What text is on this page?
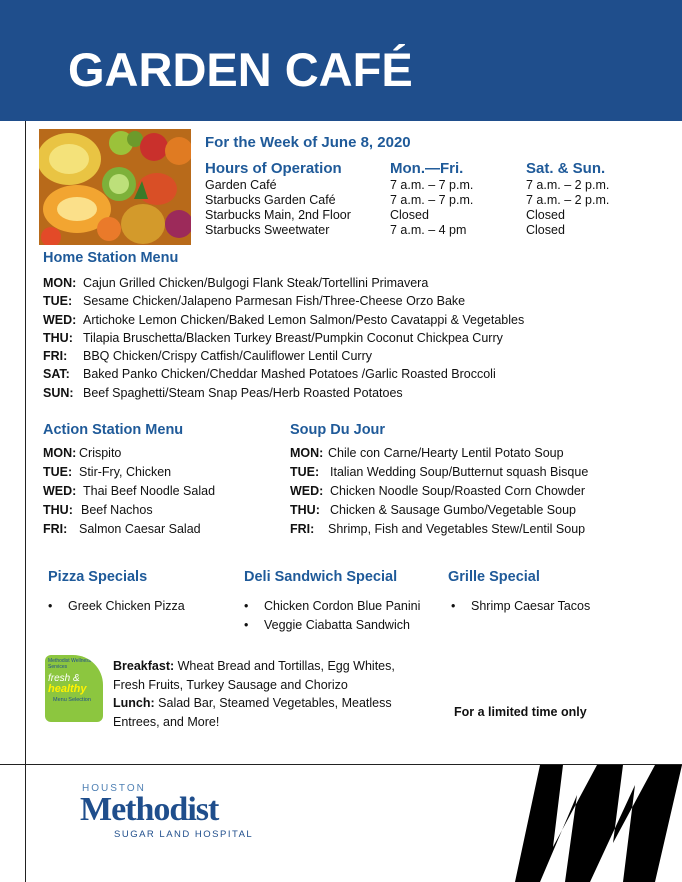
GARDEN CAFÉ
For the Week of June 8, 2020
Hours of Operation	Mon.—Fri.	Sat. & Sun.
Garden Café
Starbucks Garden Café
Starbucks Main, 2nd Floor
Starbucks Sweetwater
7 a.m. – 7 p.m.
7 a.m. – 7 p.m.
Closed
7 a.m. – 4 pm
7 a.m. – 2 p.m.
7 a.m. – 2 p.m.
Closed
Closed
Home Station Menu
MON: Cajun Grilled Chicken/Bulgogi Flank Steak/Tortellini Primavera
TUE: Sesame Chicken/Jalapeno Parmesan Fish/Three-Cheese Orzo Bake
WED: Artichoke Lemon Chicken/Baked Lemon Salmon/Pesto Cavatappi & Vegetables
THU: Tilapia Bruschetta/Blacken Turkey Breast/Pumpkin Coconut Chickpea Curry
FRI: BBQ Chicken/Crispy Catfish/Cauliflower Lentil Curry
SAT: Baked Panko Chicken/Cheddar Mashed Potatoes /Garlic Roasted Broccoli
SUN: Beef Spaghetti/Steam Snap Peas/Herb Roasted Potatoes
Action Station Menu
MON: Crispito
TUE: Stir-Fry, Chicken
WED: Thai Beef Noodle Salad
THU: Beef Nachos
FRI: Salmon Caesar Salad
Soup Du Jour
MON: Chile con Carne/Hearty Lentil Potato Soup
TUE: Italian Wedding Soup/Butternut squash Bisque
WED: Chicken Noodle Soup/Roasted Corn Chowder
THU: Chicken & Sausage Gumbo/Vegetable Soup
FRI: Shrimp, Fish and Vegetables Stew/Lentil Soup
Pizza Specials
• Greek Chicken Pizza
Deli Sandwich Special
• Chicken Cordon Blue Panini
• Veggie Ciabatta Sandwich
Grille Special
• Shrimp Caesar Tacos
Methodist Wellness Services
fresh &
healthy
Menu Selection
Breakfast: Wheat Bread and Tortillas, Egg Whites,
Fresh Fruits, Turkey Sausage and Chorizo
Lunch: Salad Bar, Steamed Vegetables, Meatless
Entrees, and More!
For a limited time only
HOUSTON
Methodist
SUGAR LAND HOSPITAL
